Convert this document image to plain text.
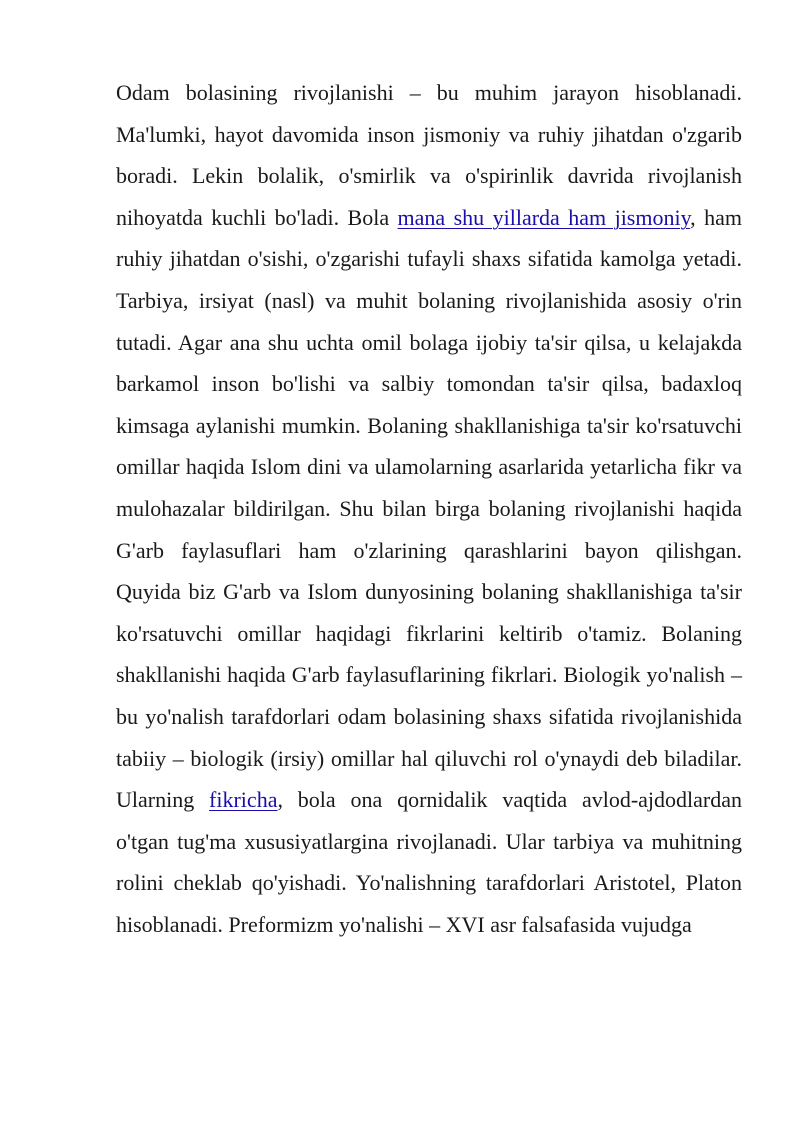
Odam bolasining rivojlanishi – bu muhim jarayon hisoblanadi. Ma'lumki, hayot davomida inson jismoniy va ruhiy jihatdan o'zgarib boradi. Lekin bolalik, o'smirlik va o'spirinlik davrida rivojlanish nihoyatda kuchli bo'ladi. Bola mana shu yillarda ham jismoniy, ham ruhiy jihatdan o'sishi, o'zgarishi tufayli shaxs sifatida kamolga yetadi. Tarbiya, irsiyat (nasl) va muhit bolaning rivojlanishida asosiy o'rin tutadi. Agar ana shu uchta omil bolaga ijobiy ta'sir qilsa, u kelajakda barkamol inson bo'lishi va salbiy tomondan ta'sir qilsa, badaxloq kimsaga aylanishi mumkin. Bolaning shakllanishiga ta'sir ko'rsatuvchi omillar haqida Islom dini va ulamolarning asarlarida yetarlicha fikr va mulohazalar bildirilgan. Shu bilan birga bolaning rivojlanishi haqida G'arb faylasuflari ham o'zlarining qarashlarini bayon qilishgan. Quyida biz G'arb va Islom dunyosining bolaning shakllanishiga ta'sir ko'rsatuvchi omillar haqidagi fikrlarini keltirib o'tamiz. Bolaning shakllanishi haqida G'arb faylasuflarining fikrlari. Biologik yo'nalish – bu yo'nalish tarafdorlari odam bolasining shaxs sifatida rivojlanishida tabiiy – biologik (irsiy) omillar hal qiluvchi rol o'ynaydi deb biladilar. Ularning fikricha, bola ona qornidalik vaqtida avlod-ajdodlardan o'tgan tug'ma xususiyatlargina rivojlanadi. Ular tarbiya va muhitning rolini cheklab qo'yishadi. Yo'nalishning tarafdorlari Aristotel, Platon hisoblanadi. Preformizm yo'nalishi – XVI asr falsafasida vujudga
